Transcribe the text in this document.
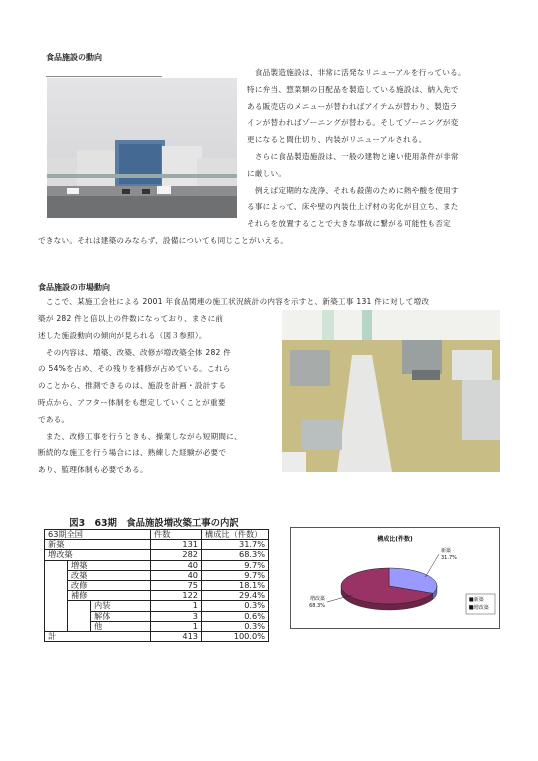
食品施設の動向
　食品製造施設は、非常に活発なリニューアルを行っている。
特に弁当、惣菜類の日配品を製造している施設は、納入先で
ある販売店のメニューが替わればアイテムが替わり、製造ラ
インが替わればゾーニングが替わる。そしてゾーニングが変
更になると間仕切り、内装がリニューアルされる。
　さらに食品製造施設は、一般の建物と違い使用条件が非常
に厳しい。
　例えば定期的な洗浄、それも殺菌のために熱や酸を使用す
る事によって、床や壁の内装仕上げ材の劣化が目立ち、また
それらを放置することで大きな事故に繋がる可能性も否定
できない。それは建築のみならず、設備についても同じことがいえる。
食品施設の市場動向
　ここで、某施工会社による 2001 年食品関連の施工状況統計の内容を示すと、新築工事 131 件に対して増改
築が 282 件と倍以上の件数になっており、まさに前
述した施設動向の傾向が見られる（図３参照）。
　その内容は、増築、改築、改修が増改築全体 282 件
の 54%を占め、その残りを補修が占めている。これら
のことから、推測できるのは、施設を計画・設計する
時点から、アフター体制をも想定していくことが重要
である。
　また、改修工事を行うときも、操業しながら短期間に、
断続的な施工を行う場合には、熟練した経験が必要で
あり、監理体制も必要である。
図3　63期　食品施設増改築工事の内訳
63期全国			件数	構成比（件数）
新築			131	31.7%
増改築			282	68.3%
	増築		40	9.7%
	改築		40	9.7%
	改修		75	18.1%
	補修		122	29.4%
		内装	1	0.3%
		解体	3	0.6%
		他	1	0.3%
計			413	100.0%
構成比(件数)
新築
31.7%
増改築
68.3%
■新築
■増改築
